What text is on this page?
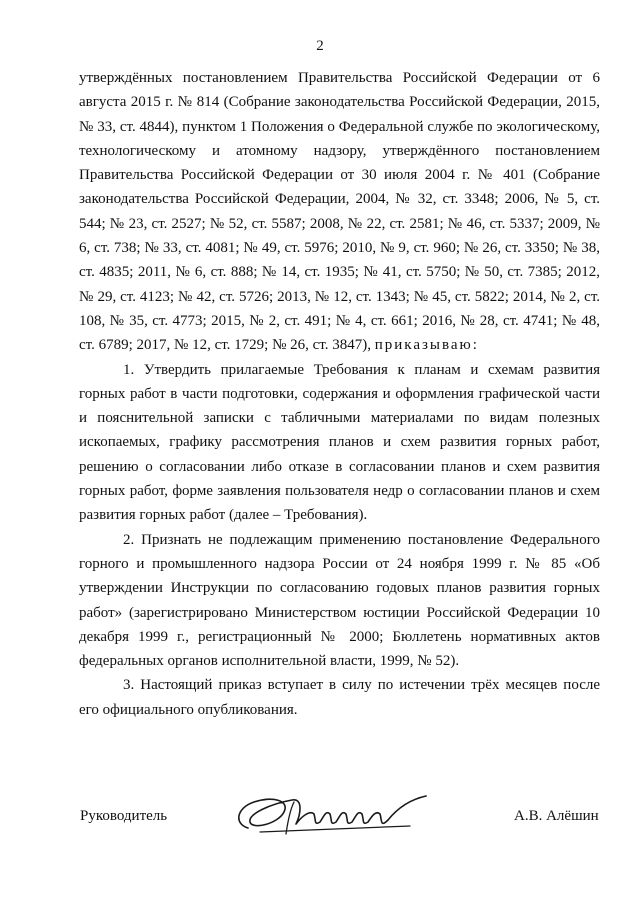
2

утверждённых постановлением Правительства Российской Федерации от 6 августа 2015 г. № 814 (Собрание законодательства Российской Федерации, 2015, № 33, ст. 4844), пунктом 1 Положения о Федеральной службе по экологическому, технологическому и атомному надзору, утверждённого постановлением Правительства Российской Федерации от 30 июля 2004 г. № 401 (Собрание законодательства Российской Федерации, 2004, № 32, ст. 3348; 2006, № 5, ст. 544; № 23, ст. 2527; № 52, ст. 5587; 2008, № 22, ст. 2581; № 46, ст. 5337; 2009, № 6, ст. 738; № 33, ст. 4081; № 49, ст. 5976; 2010, № 9, ст. 960; № 26, ст. 3350; № 38, ст. 4835; 2011, № 6, ст. 888; № 14, ст. 1935; № 41, ст. 5750; № 50, ст. 7385; 2012, № 29, ст. 4123; № 42, ст. 5726; 2013, № 12, ст. 1343; № 45, ст. 5822; 2014, № 2, ст. 108, № 35, ст. 4773; 2015, № 2, ст. 491; № 4, ст. 661; 2016, № 28, ст. 4741; № 48, ст. 6789; 2017, № 12, ст. 1729; № 26, ст. 3847), приказываю:

1. Утвердить прилагаемые Требования к планам и схемам развития горных работ в части подготовки, содержания и оформления графической части и пояснительной записки с табличными материалами по видам полезных ископаемых, графику рассмотрения планов и схем развития горных работ, решению о согласовании либо отказе в согласовании планов и схем развития горных работ, форме заявления пользователя недр о согласовании планов и схем развития горных работ (далее – Требования).

2. Признать не подлежащим применению постановление Федерального горного и промышленного надзора России от 24 ноября 1999 г. № 85 «Об утверждении Инструкции по согласованию годовых планов развития горных работ» (зарегистрировано Министерством юстиции Российской Федерации 10 декабря 1999 г., регистрационный № 2000; Бюллетень нормативных актов федеральных органов исполнительной власти, 1999, № 52).

3. Настоящий приказ вступает в силу по истечении трёх месяцев после его официального опубликования.

Руководитель	А.В. Алёшин
